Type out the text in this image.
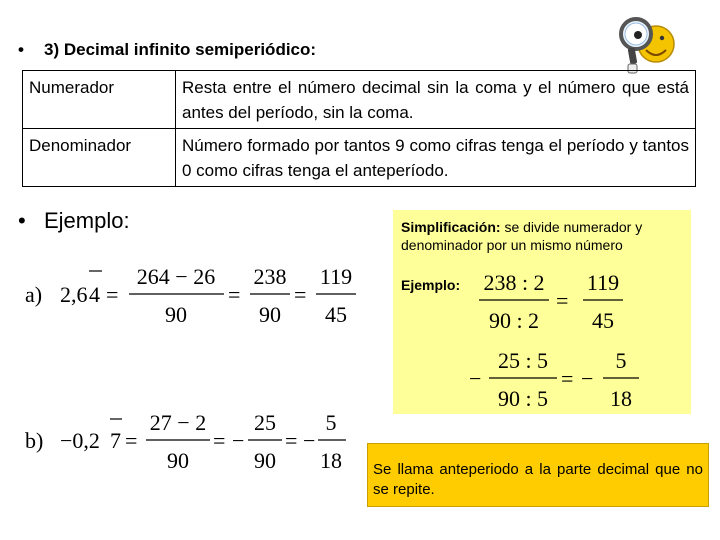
• 3) Decimal infinito semiperiódico:
Numerador	Resta entre el número decimal sin la coma y el número que está antes del período, sin la coma.
Denominador	Número formado por tantos 9 como cifras tenga el período y tantos 0 como cifras tenga el anteperíodo.
• Ejemplo:
a) 2,6 4 =
264 − 26
90
=
238
90
=
119
45
b) −0,2 7 =
27 − 2
90
= −
25
90
= −
5
18
Simplificación: se divide numerador y denominador por un mismo número
Ejemplo: 238 : 2
90 : 2
=
119
45
−
25 : 5
90 : 5
= −
5
18
Se llama anteperiodo a la parte decimal que no se repite.
